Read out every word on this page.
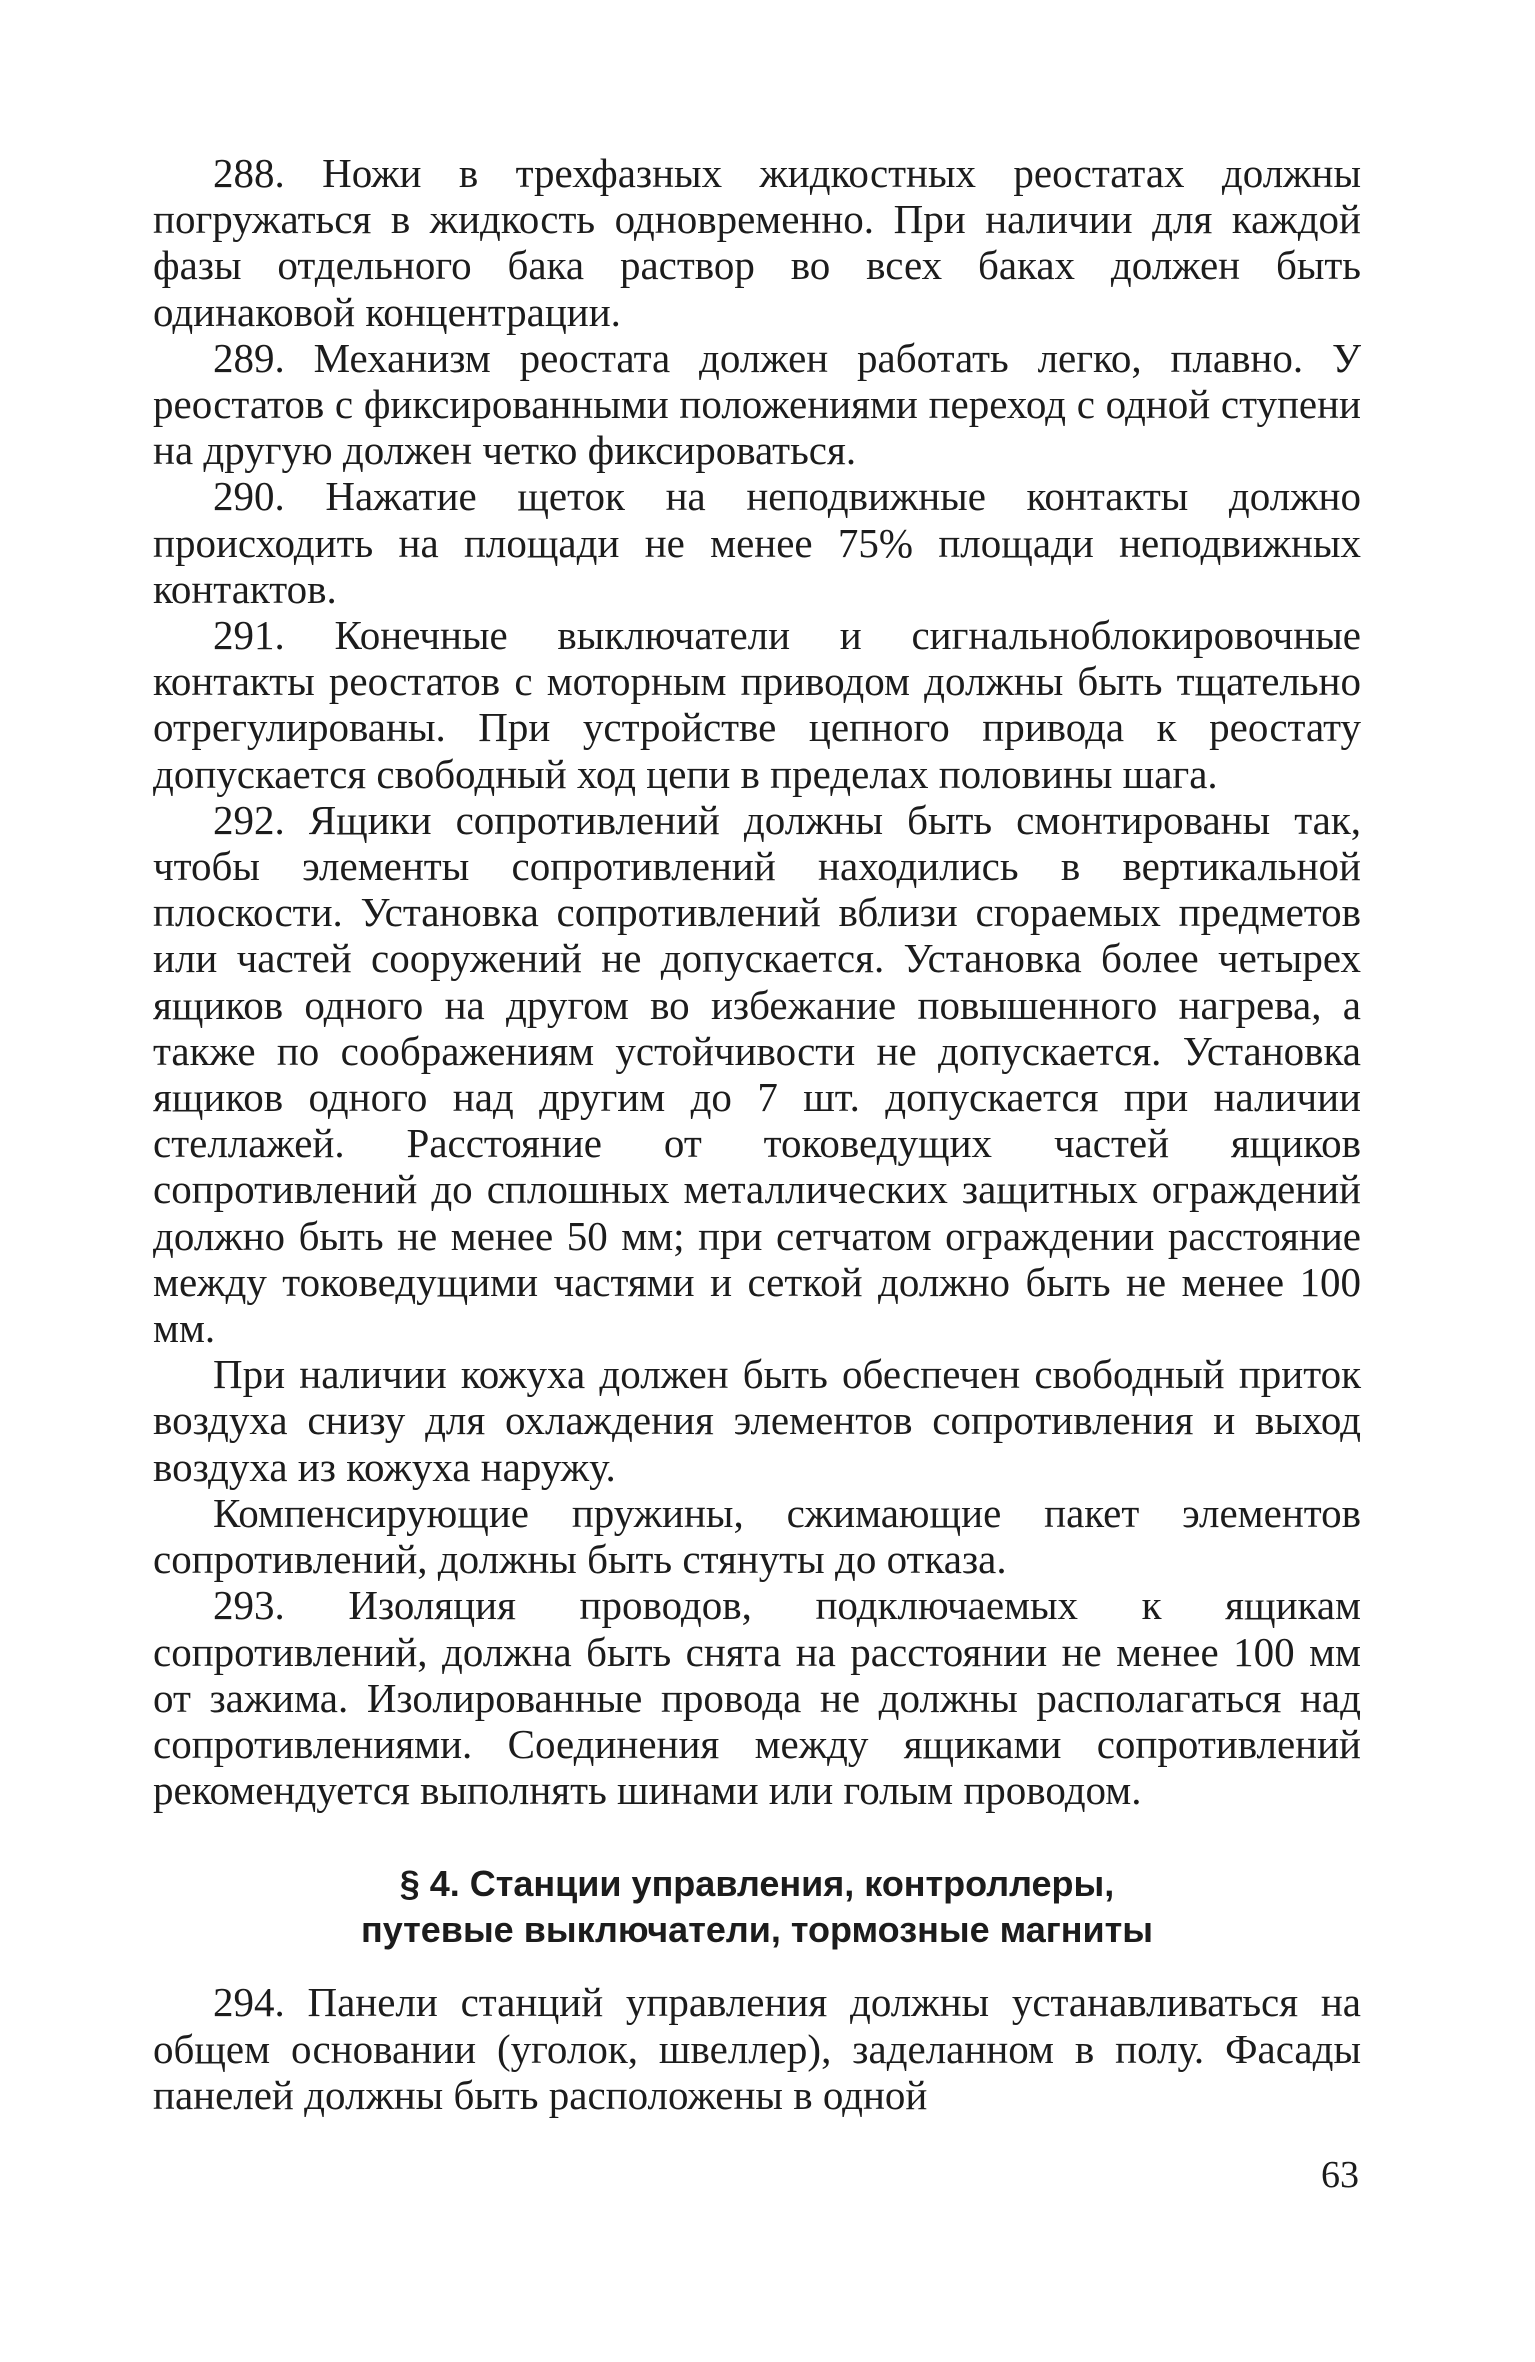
288. Ножи в трехфазных жидкостных реостатах должны погружаться в жидкость одновременно. При наличии для каждой фазы отдельного бака раствор во всех баках должен быть одинаковой концентрации.

289. Механизм реостата должен работать легко, плавно. У реостатов с фиксированными положениями переход с одной ступени на другую должен четко фиксироваться.

290. Нажатие щеток на неподвижные контакты должно происходить на площади не менее 75% площади неподвижных контактов.

291. Конечные выключатели и сигнальноблокировочные контакты реостатов с моторным приводом должны быть тщательно отрегулированы. При устройстве цепного привода к реостату допускается свободный ход цепи в пределах половины шага.

292. Ящики сопротивлений должны быть смонтированы так, чтобы элементы сопротивлений находились в вертикальной плоскости. Установка сопротивлений вблизи сгораемых предметов или частей сооружений не допускается. Установка более четырех ящиков одного на другом во избежание повышенного нагрева, а также по соображениям устойчивости не допускается. Установка ящиков одного над другим до 7 шт. допускается при наличии стеллажей. Расстояние от токоведущих частей ящиков сопротивлений до сплошных металлических защитных ограждений должно быть не менее 50 мм; при сетчатом ограждении расстояние между токоведущими частями и сеткой должно быть не менее 100 мм.

При наличии кожуха должен быть обеспечен свободный приток воздуха снизу для охлаждения элементов сопротивления и выход воздуха из кожуха наружу.

Компенсирующие пружины, сжимающие пакет элементов сопротивлений, должны быть стянуты до отказа.

293. Изоляция проводов, подключаемых к ящикам сопротивлений, должна быть снята на расстоянии не менее 100 мм от зажима. Изолированные провода не должны располагаться над сопротивлениями. Соединения между ящиками сопротивлений рекомендуется выполнять шинами или голым проводом.

§ 4. Станции управления, контроллеры,
путевые выключатели, тормозные магниты

294. Панели станций управления должны устанавливаться на общем основании (уголок, швеллер), заделанном в полу. Фасады панелей должны быть расположены в одной

63
